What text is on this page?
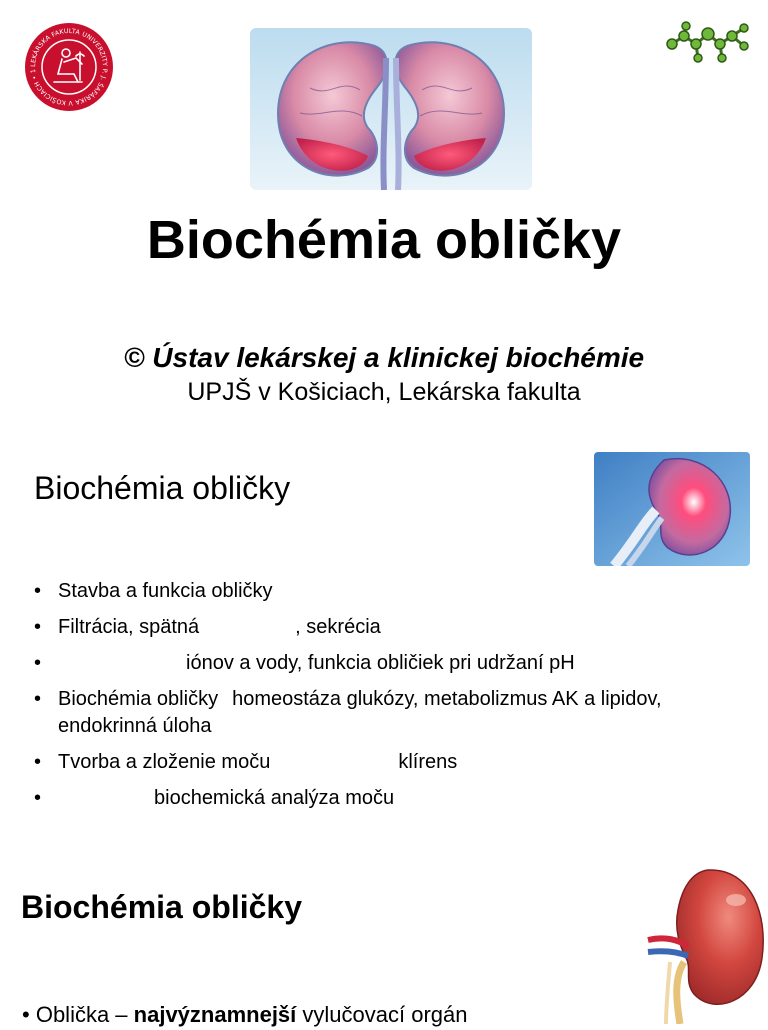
LEKÁRSKA FAKULTA UNIVERZITY P. J. ŠAFÁRIKA V KOŠICIACH • 1
Biochémia obličky
© Ústav lekárskej a klinickej biochémie
UPJŠ v Košiciach, Lekárska fakulta
Biochémia obličky
• Stavba a funkcia obličky
• Filtrácia, spätná	, sekrécia
•	iónov a vody, funkcia obličiek pri udržaní pH
• Biochémia obličky homeostáza glukózy, metabolizmus AK a lipidov, endokrinná úloha
• Tvorba a zloženie moču	klírens
•	biochemická analýza moču
Biochémia obličky
• Oblička – najvýznamnejší vylučovací orgán
